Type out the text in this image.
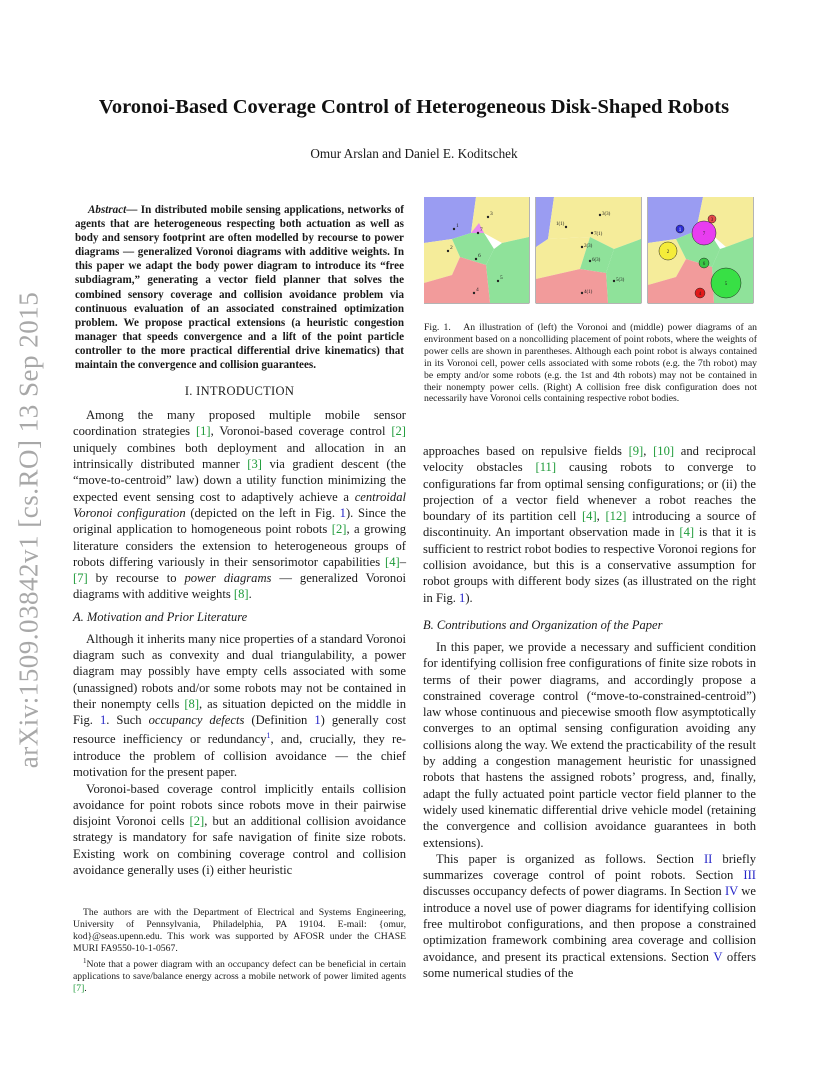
arXiv:1509.03842v1 [cs.RO] 13 Sep 2015
Voronoi-Based Coverage Control of Heterogeneous Disk-Shaped Robots
Omur Arslan and Daniel E. Koditschek

Abstract— In distributed mobile sensing applications, networks of agents that are heterogeneous respecting both actuation as well as body and sensory footprint are often modelled by recourse to power diagrams — generalized Voronoi diagrams with additive weights. In this paper we adapt the body power diagram to introduce its “free subdiagram,” generating a vector field planner that solves the combined sensory coverage and collision avoidance problem via continuous evaluation of an associated constrained optimization problem. We propose practical extensions (a heuristic congestion manager that speeds convergence and a lift of the point particle controller to the more practical differential drive kinematics) that maintain the convergence and collision guarantees.

I. INTRODUCTION

Among the many proposed multiple mobile sensor coordination strategies [1], Voronoi-based coverage control [2] uniquely combines both deployment and allocation in an intrinsically distributed manner [3] via gradient descent (the “move-to-centroid” law) down a utility function minimizing the expected event sensing cost to adaptively achieve a centroidal Voronoi configuration (depicted on the left in Fig. 1). Since the original application to homogeneous point robots [2], a growing literature considers the extension to heterogeneous groups of robots differing variously in their sensorimotor capabilities [4]–[7] by recourse to power diagrams — generalized Voronoi diagrams with additive weights [8].

A. Motivation and Prior Literature

Although it inherits many nice properties of a standard Voronoi diagram such as convexity and dual triangulability, a power diagram may possibly have empty cells associated with some (unassigned) robots and/or some robots may not be contained in their nonempty cells [8], as situation depicted on the middle in Fig. 1. Such occupancy defects (Definition 1) generally cost resource inefficiency or redundancy$^1$, and, crucially, they re-introduce the problem of collision avoidance — the chief motivation for the present paper.

Voronoi-based coverage control implicitly entails collision avoidance for point robots since robots move in their pairwise disjoint Voronoi cells [2], but an additional collision avoidance strategy is mandatory for safe navigation of finite size robots. Existing work on combining coverage control and collision avoidance generally uses (i) either heuristic

The authors are with the Department of Electrical and Systems Engineering, University of Pennsylvania, Philadelphia, PA 19104. E-mail: {omur, kod}@seas.upenn.edu. This work was supported by AFOSR under the CHASE MURI FA9550-10-1-0567.

$^1$Note that a power diagram with an occupancy defect can be beneficial in certain applications to save/balance energy across a mobile network of power limited agents [7].

1
2
3
4
5
6
7
1(1)
2(3)
3(3)
4(1)
5(3)
6(3)
7(1)
1
2
3
4
5
6
7

Fig. 1. An illustration of (left) the Voronoi and (middle) power diagrams of an environment based on a noncolliding placement of point robots, where the weights of power cells are shown in parentheses. Although each point robot is always contained in its Voronoi cell, power cells associated with some robots (e.g. the 7th robot) may be empty and/or some robots (e.g. the 1st and 4th robots) may not be contained in their nonempty power cells. (Right) A collision free disk configuration does not necessarily have Voronoi cells containing respective robot bodies.

approaches based on repulsive fields [9], [10] and reciprocal velocity obstacles [11] causing robots to converge to configurations far from optimal sensing configurations; or (ii) the projection of a vector field whenever a robot reaches the boundary of its partition cell [4], [12] introducing a source of discontinuity. An important observation made in [4] is that it is sufficient to restrict robot bodies to respective Voronoi regions for collision avoidance, but this is a conservative assumption for robot groups with different body sizes (as illustrated on the right in Fig. 1).

B. Contributions and Organization of the Paper

In this paper, we provide a necessary and sufficient condition for identifying collision free configurations of finite size robots in terms of their power diagrams, and accordingly propose a constrained coverage control (“move-to-constrained-centroid”) law whose continuous and piecewise smooth flow asymptotically converges to an optimal sensing configuration avoiding any collisions along the way. We extend the practicability of the result by adding a congestion management heuristic for unassigned robots that hastens the assigned robots’ progress, and, finally, adapt the fully actuated point particle vector field planner to the widely used kinematic differential drive vehicle model (retaining the convergence and collision avoidance guarantees in both extensions).

This paper is organized as follows. Section II briefly summarizes coverage control of point robots. Section III discusses occupancy defects of power diagrams. In Section IV we introduce a novel use of power diagrams for identifying collision free multirobot configurations, and then propose a constrained optimization framework combining area coverage and collision avoidance, and present its practical extensions. Section V offers some numerical studies of the
